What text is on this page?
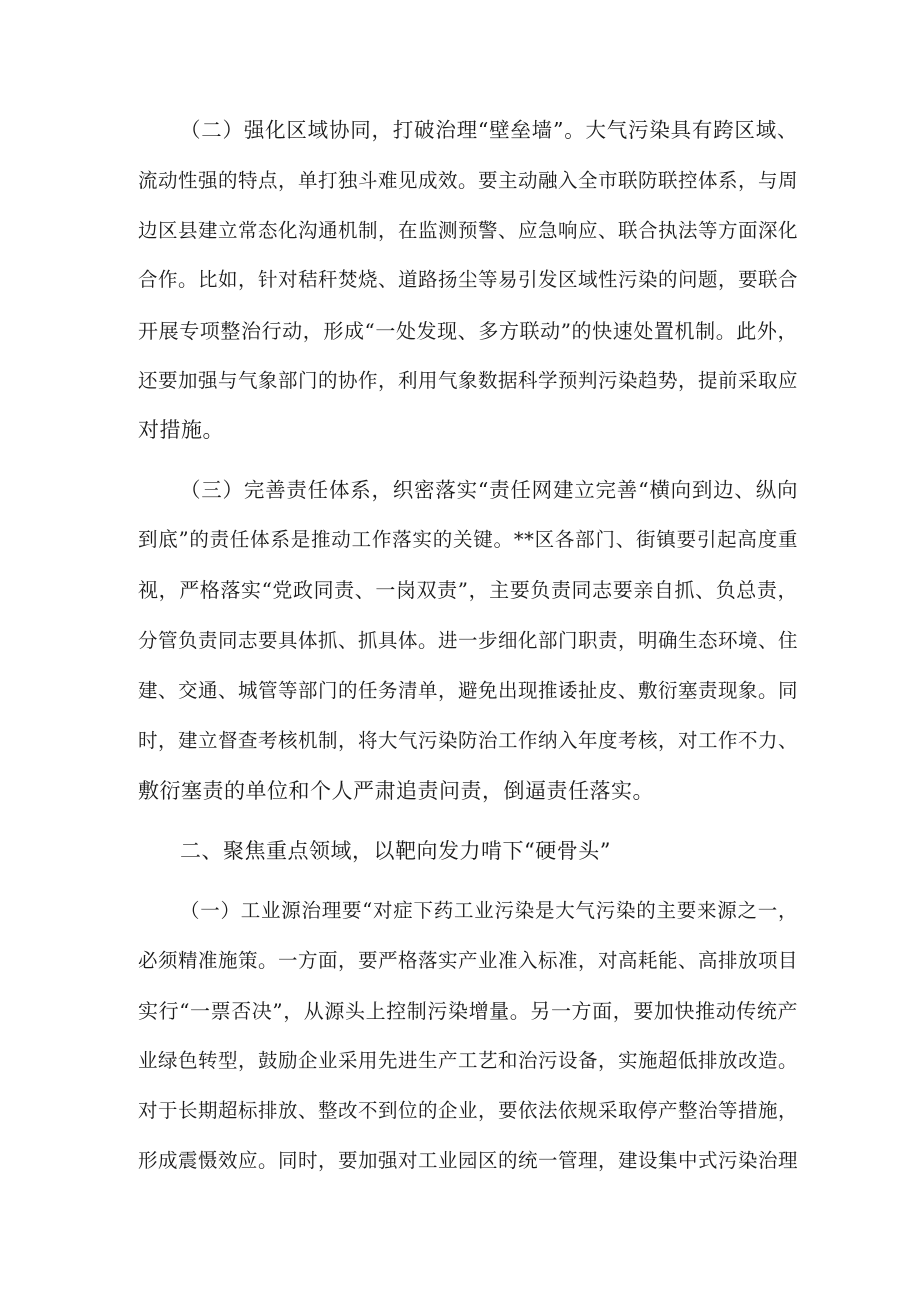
（二）强化区域协同，打破治理“壁垒墙”。大气污染具有跨区域、
流动性强的特点，单打独斗难见成效。要主动融入全市联防联控体系，与周
边区县建立常态化沟通机制，在监测预警、应急响应、联合执法等方面深化
合作。比如，针对秸秆焚烧、道路扬尘等易引发区域性污染的问题，要联合
开展专项整治行动，形成“一处发现、多方联动”的快速处置机制。此外，
还要加强与气象部门的协作，利用气象数据科学预判污染趋势，提前采取应
对措施。
（三）完善责任体系，织密落实“责任网建立完善“横向到边、纵向
到底”的责任体系是推动工作落实的关键。**区各部门、街镇要引起高度重
视，严格落实“党政同责、一岗双责”，主要负责同志要亲自抓、负总责，
分管负责同志要具体抓、抓具体。进一步细化部门职责，明确生态环境、住
建、交通、城管等部门的任务清单，避免出现推诿扯皮、敷衍塞责现象。同
时，建立督查考核机制，将大气污染防治工作纳入年度考核，对工作不力、
敷衍塞责的单位和个人严肃追责问责，倒逼责任落实。
二、聚焦重点领域，以靶向发力啃下“硬骨头”
（一）工业源治理要“对症下药工业污染是大气污染的主要来源之一，
必须精准施策。一方面，要严格落实产业准入标准，对高耗能、高排放项目
实行“一票否决”，从源头上控制污染增量。另一方面，要加快推动传统产
业绿色转型，鼓励企业采用先进生产工艺和治污设备，实施超低排放改造。
对于长期超标排放、整改不到位的企业，要依法依规采取停产整治等措施，
形成震慑效应。同时，要加强对工业园区的统一管理，建设集中式污染治理
